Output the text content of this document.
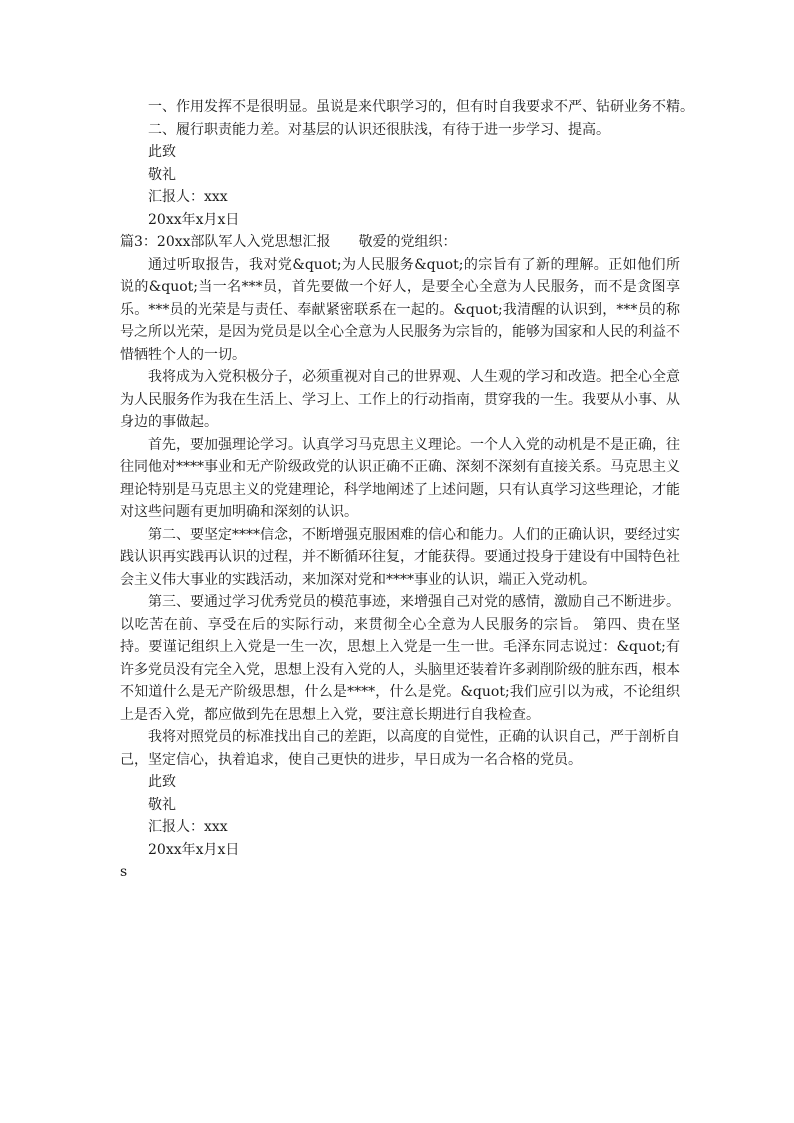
一、作用发挥不是很明显。虽说是来代职学习的，但有时自我要求不严、钻研业务不精。

二、履行职责能力差。对基层的认识还很肤浅，有待于进一步学习、提高。

此致

敬礼

汇报人：xxx

20xx年x月x日

篇3：20xx部队军人入党思想汇报　　敬爱的党组织：

通过听取报告，我对党&quot;为人民服务&quot;的宗旨有了新的理解。正如他们所说的&quot;当一名***员，首先要做一个好人，是要全心全意为人民服务，而不是贪图享乐。***员的光荣是与责任、奉献紧密联系在一起的。&quot;我清醒的认识到，***员的称号之所以光荣，是因为党员是以全心全意为人民服务为宗旨的，能够为国家和人民的利益不惜牺牲个人的一切。

我将成为入党积极分子，必须重视对自己的世界观、人生观的学习和改造。把全心全意为人民服务作为我在生活上、学习上、工作上的行动指南，贯穿我的一生。我要从小事、从身边的事做起。

首先，要加强理论学习。认真学习马克思主义理论。一个人入党的动机是不是正确，往往同他对****事业和无产阶级政党的认识正确不正确、深刻不深刻有直接关系。马克思主义理论特别是马克思主义的党建理论，科学地阐述了上述问题，只有认真学习这些理论，才能对这些问题有更加明确和深刻的认识。

第二、要坚定****信念，不断增强克服困难的信心和能力。人们的正确认识，要经过实践认识再实践再认识的过程，并不断循环往复，才能获得。要通过投身于建设有中国特色社会主义伟大事业的实践活动，来加深对党和****事业的认识，端正入党动机。

第三、要通过学习优秀党员的模范事迹，来增强自己对党的感情，激励自己不断进步。以吃苦在前、享受在后的实际行动，来贯彻全心全意为人民服务的宗旨。 第四、贵在坚持。要谨记组织上入党是一生一次，思想上入党是一生一世。毛泽东同志说过：&quot;有许多党员没有完全入党，思想上没有入党的人，头脑里还装着许多剥削阶级的脏东西，根本不知道什么是无产阶级思想，什么是****，什么是党。&quot;我们应引以为戒，不论组织上是否入党，都应做到先在思想上入党，要注意长期进行自我检查。

我将对照党员的标准找出自己的差距，以高度的自觉性，正确的认识自己，严于剖析自己，坚定信心，执着追求，使自己更快的进步，早日成为一名合格的党员。

此致

敬礼

汇报人：xxx

20xx年x月x日

s
